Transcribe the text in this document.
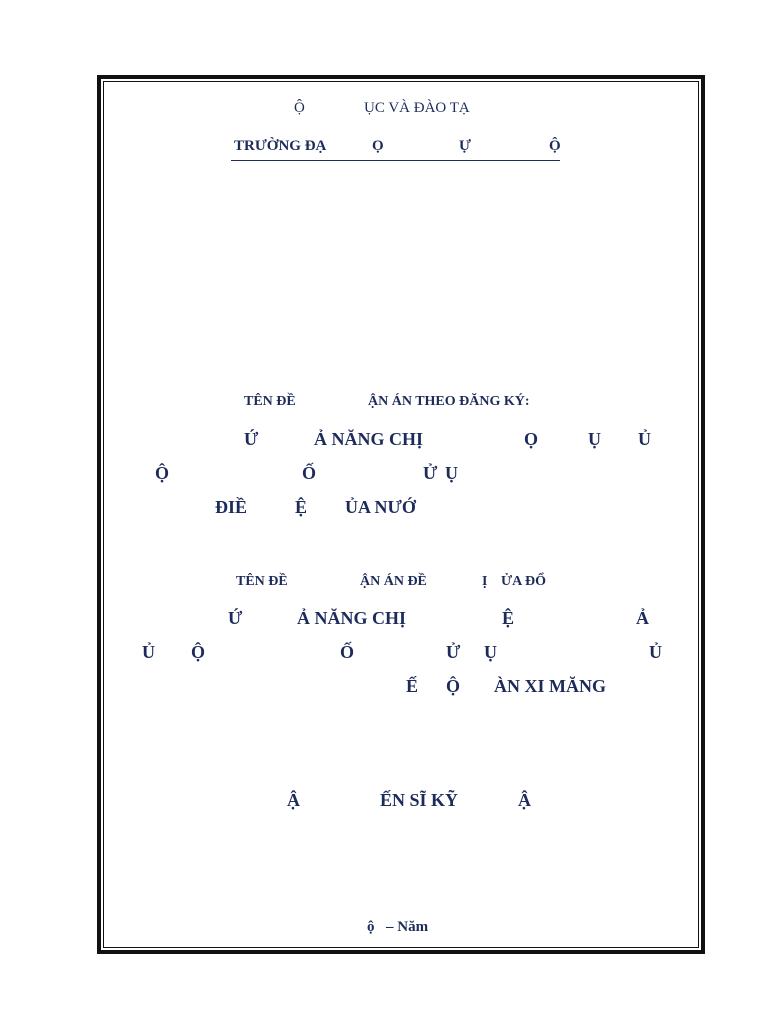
Ộ	ỤC VÀ ĐÀO TẠ
TRƯỜNG ĐẠ	Ọ	Ự	Ộ
TÊN ĐỀ	ẬN ÁN THEO ĐĂNG KÝ:
Ứ	Ả NĂNG CHỊ	Ọ	Ụ Ủ
Ộ	Ố	Ử Ụ
ĐIỀ	Ệ ỦA NƯỚ
TÊN ĐỀ	ẬN ÁN ĐỀ	Ị ỬA ĐỔ
Ứ	Ả NĂNG CHỊ	Ệ	Ả
Ủ Ộ	Ố	Ử Ụ	Ủ
Ế Ộ ÀN XI MĂNG
Ậ	ẾN SĨ KỸ	Ậ
ộ – Năm
